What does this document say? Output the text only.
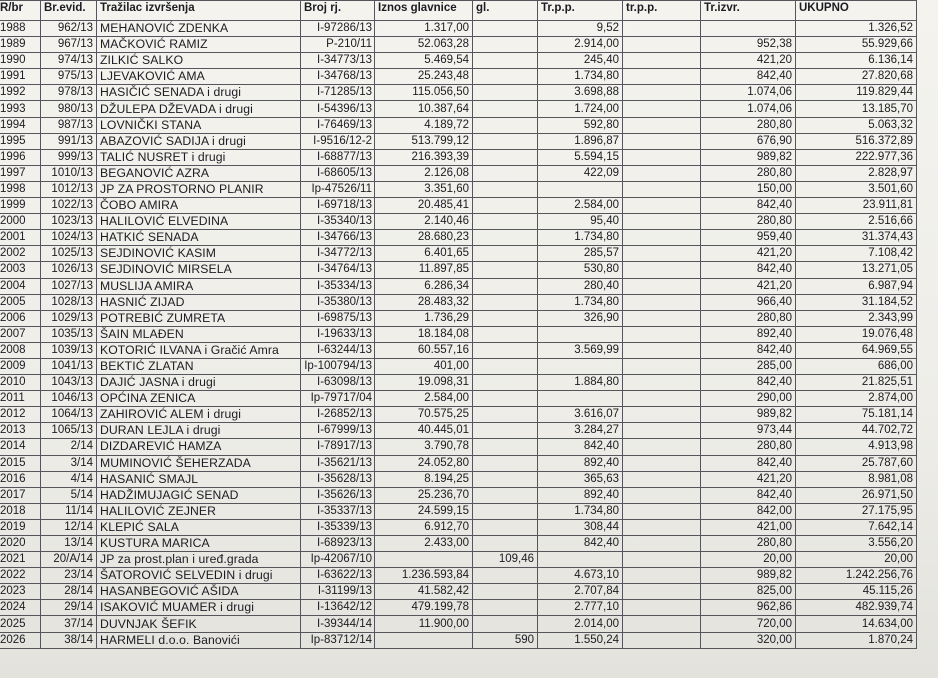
R/br	Br.evid.	Tražilac izvršenja	Broj rj.	Iznos glavnice	gl.	Tr.p.p.	tr.p.p.	Tr.izvr.	UKUPNO
1988	962/13	MEHANOVIĆ ZDENKA	I-97286/13	1.317,00		9,52			1.326,52
1989	967/13	MAČKOVIĆ RAMIZ	P-210/11	52.063,28		2.914,00		952,38	55.929,66
1990	974/13	ZILKIĆ SALKO	I-34773/13	5.469,54		245,40		421,20	6.136,14
1991	975/13	LJEVAKOVIĆ AMA	I-34768/13	25.243,48		1.734,80		842,40	27.820,68
1992	978/13	HASIČIĆ SENADA i drugi	I-71285/13	115.056,50		3.698,88		1.074,06	119.829,44
1993	980/13	DŽULEPA DŽEVADA i drugi	I-54396/13	10.387,64		1.724,00		1.074,06	13.185,70
1994	987/13	LOVNIČKI STANA	I-76469/13	4.189,72		592,80		280,80	5.063,32
1995	991/13	ABAZOVIĆ SADIJA i drugi	I-9516/12-2	513.799,12		1.896,87		676,90	516.372,89
1996	999/13	TALIĆ NUSRET i drugi	I-68877/13	216.393,39		5.594,15		989,82	222.977,36
1997	1010/13	BEGANOVIĆ AZRA	I-68605/13	2.126,08		422,09		280,80	2.828,97
1998	1012/13	JP ZA PROSTORNO PLANIR	Ip-47526/11	3.351,60				150,00	3.501,60
1999	1022/13	ČOBO AMIRA	I-69718/13	20.485,41		2.584,00		842,40	23.911,81
2000	1023/13	HALILOVIĆ ELVEDINA	I-35340/13	2.140,46		95,40		280,80	2.516,66
2001	1024/13	HATKIĆ SENADA	I-34766/13	28.680,23		1.734,80		959,40	31.374,43
2002	1025/13	SEJDINOVIĆ KASIM	I-34772/13	6.401,65		285,57		421,20	7.108,42
2003	1026/13	SEJDINOVIĆ MIRSELA	I-34764/13	11.897,85		530,80		842,40	13.271,05
2004	1027/13	MUSLIJA AMIRA	I-35334/13	6.286,34		280,40		421,20	6.987,94
2005	1028/13	HASNIĆ ZIJAD	I-35380/13	28.483,32		1.734,80		966,40	31.184,52
2006	1029/13	POTREBIĆ ZUMRETA	I-69875/13	1.736,29		326,90		280,80	2.343,99
2007	1035/13	ŠAIN MLAĐEN	I-19633/13	18.184,08				892,40	19.076,48
2008	1039/13	KOTORIĆ ILVANA i Gračić Amra	I-63244/13	60.557,16		3.569,99		842,40	64.969,55
2009	1041/13	BEKTIĆ ZLATAN	Ip-100794/13	401,00				285,00	686,00
2010	1043/13	DAJIĆ JASNA i drugi	I-63098/13	19.098,31		1.884,80		842,40	21.825,51
2011	1046/13	OPĆINA ZENICA	Ip-79717/04	2.584,00				290,00	2.874,00
2012	1064/13	ZAHIROVIĆ ALEM i drugi	I-26852/13	70.575,25		3.616,07		989,82	75.181,14
2013	1065/13	DURAN LEJLA i drugi	I-67999/13	40.445,01		3.284,27		973,44	44.702,72
2014	2/14	DIZDAREVIĆ HAMZA	I-78917/13	3.790,78		842,40		280,80	4.913,98
2015	3/14	MUMINOVIĆ ŠEHERZADA	I-35621/13	24.052,80		892,40		842,40	25.787,60
2016	4/14	HASANIĆ SMAJL	I-35628/13	8.194,25		365,63		421,20	8.981,08
2017	5/14	HADŽIMUJAGIĆ SENAD	I-35626/13	25.236,70		892,40		842,40	26.971,50
2018	11/14	HALILOVIĆ ZEJNER	I-35337/13	24.599,15		1.734,80		842,00	27.175,95
2019	12/14	KLEPIĆ SALA	I-35339/13	6.912,70		308,44		421,00	7.642,14
2020	13/14	KUSTURA MARICA	I-68923/13	2.433,00		842,40		280,80	3.556,20
2021	20/A/14	JP za prost.plan i uređ.grada	Ip-42067/10		109,46			20,00	20,00
2022	23/14	ŠATOROVIĆ SELVEDIN i drugi	I-63622/13	1.236.593,84		4.673,10		989,82	1.242.256,76
2023	28/14	HASANBEGOVIĆ AŠIDA	I-31199/13	41.582,42		2.707,84		825,00	45.115,26
2024	29/14	ISAKOVIĆ MUAMER i drugi	I-13642/12	479.199,78		2.777,10		962,86	482.939,74
2025	37/14	DUVNJAK ŠEFIK	I-39344/14	11.900,00		2.014,00		720,00	14.634,00
2026	38/14	HARMELI d.o.o. Banovići	Ip-83712/14		590	1.550,24		320,00	1.870,24
